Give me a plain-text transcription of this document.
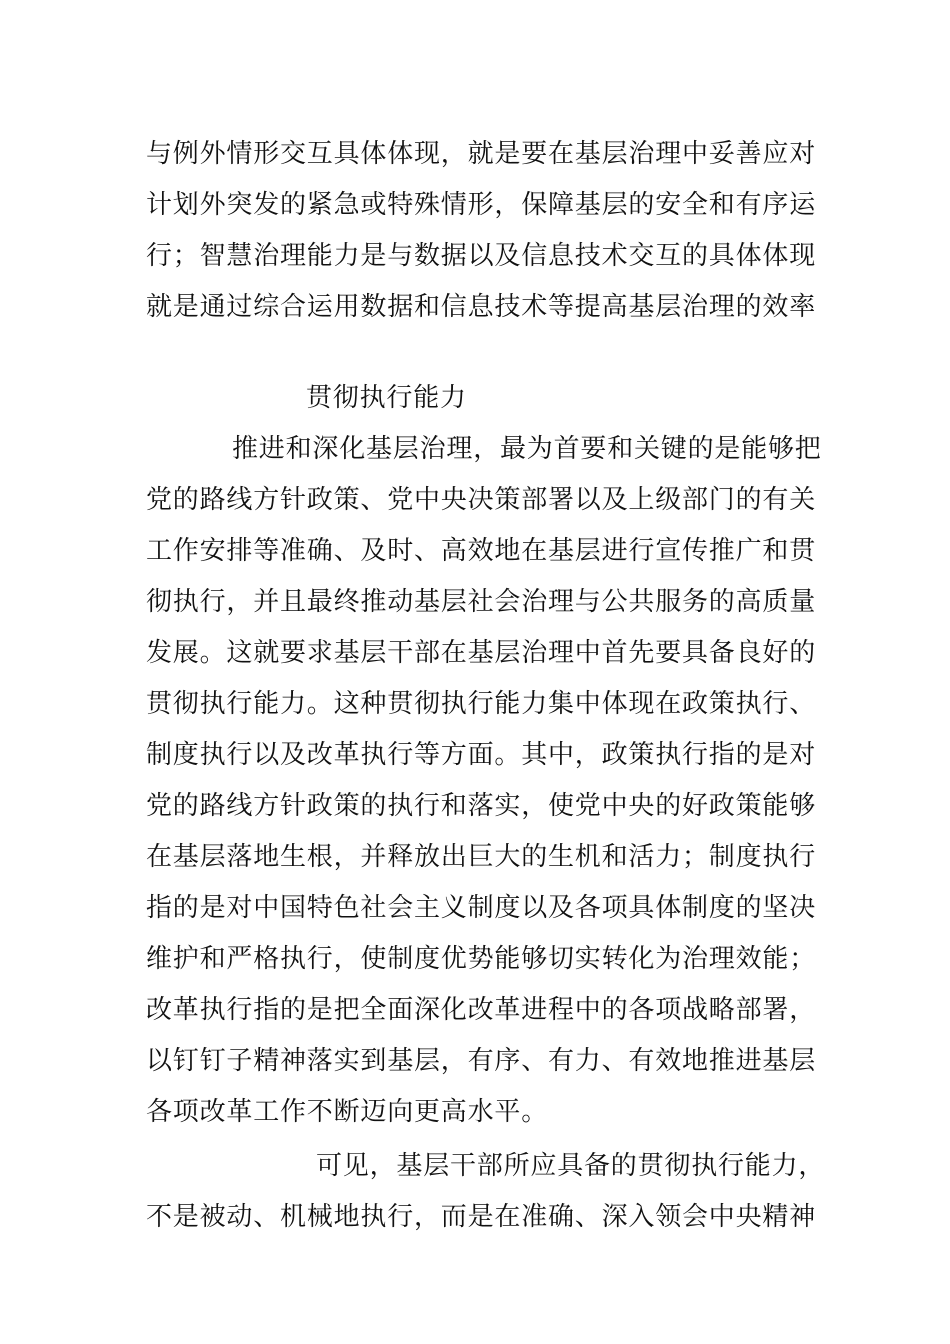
与例外情形交互具体体现，就是要在基层治理中妥善应对
计划外突发的紧急或特殊情形，保障基层的安全和有序运
行；智慧治理能力是与数据以及信息技术交互的具体体现
就是通过综合运用数据和信息技术等提高基层治理的效率
贯彻执行能力
推进和深化基层治理，最为首要和关键的是能够把
党的路线方针政策、党中央决策部署以及上级部门的有关
工作安排等准确、及时、高效地在基层进行宣传推广和贯
彻执行，并且最终推动基层社会治理与公共服务的高质量
发展。这就要求基层干部在基层治理中首先要具备良好的
贯彻执行能力。这种贯彻执行能力集中体现在政策执行、
制度执行以及改革执行等方面。其中，政策执行指的是对
党的路线方针政策的执行和落实，使党中央的好政策能够
在基层落地生根，并释放出巨大的生机和活力；制度执行
指的是对中国特色社会主义制度以及各项具体制度的坚决
维护和严格执行，使制度优势能够切实转化为治理效能；
改革执行指的是把全面深化改革进程中的各项战略部署，
以钉钉子精神落实到基层，有序、有力、有效地推进基层
各项改革工作不断迈向更高水平。
可见，基层干部所应具备的贯彻执行能力，
不是被动、机械地执行，而是在准确、深入领会中央精神
